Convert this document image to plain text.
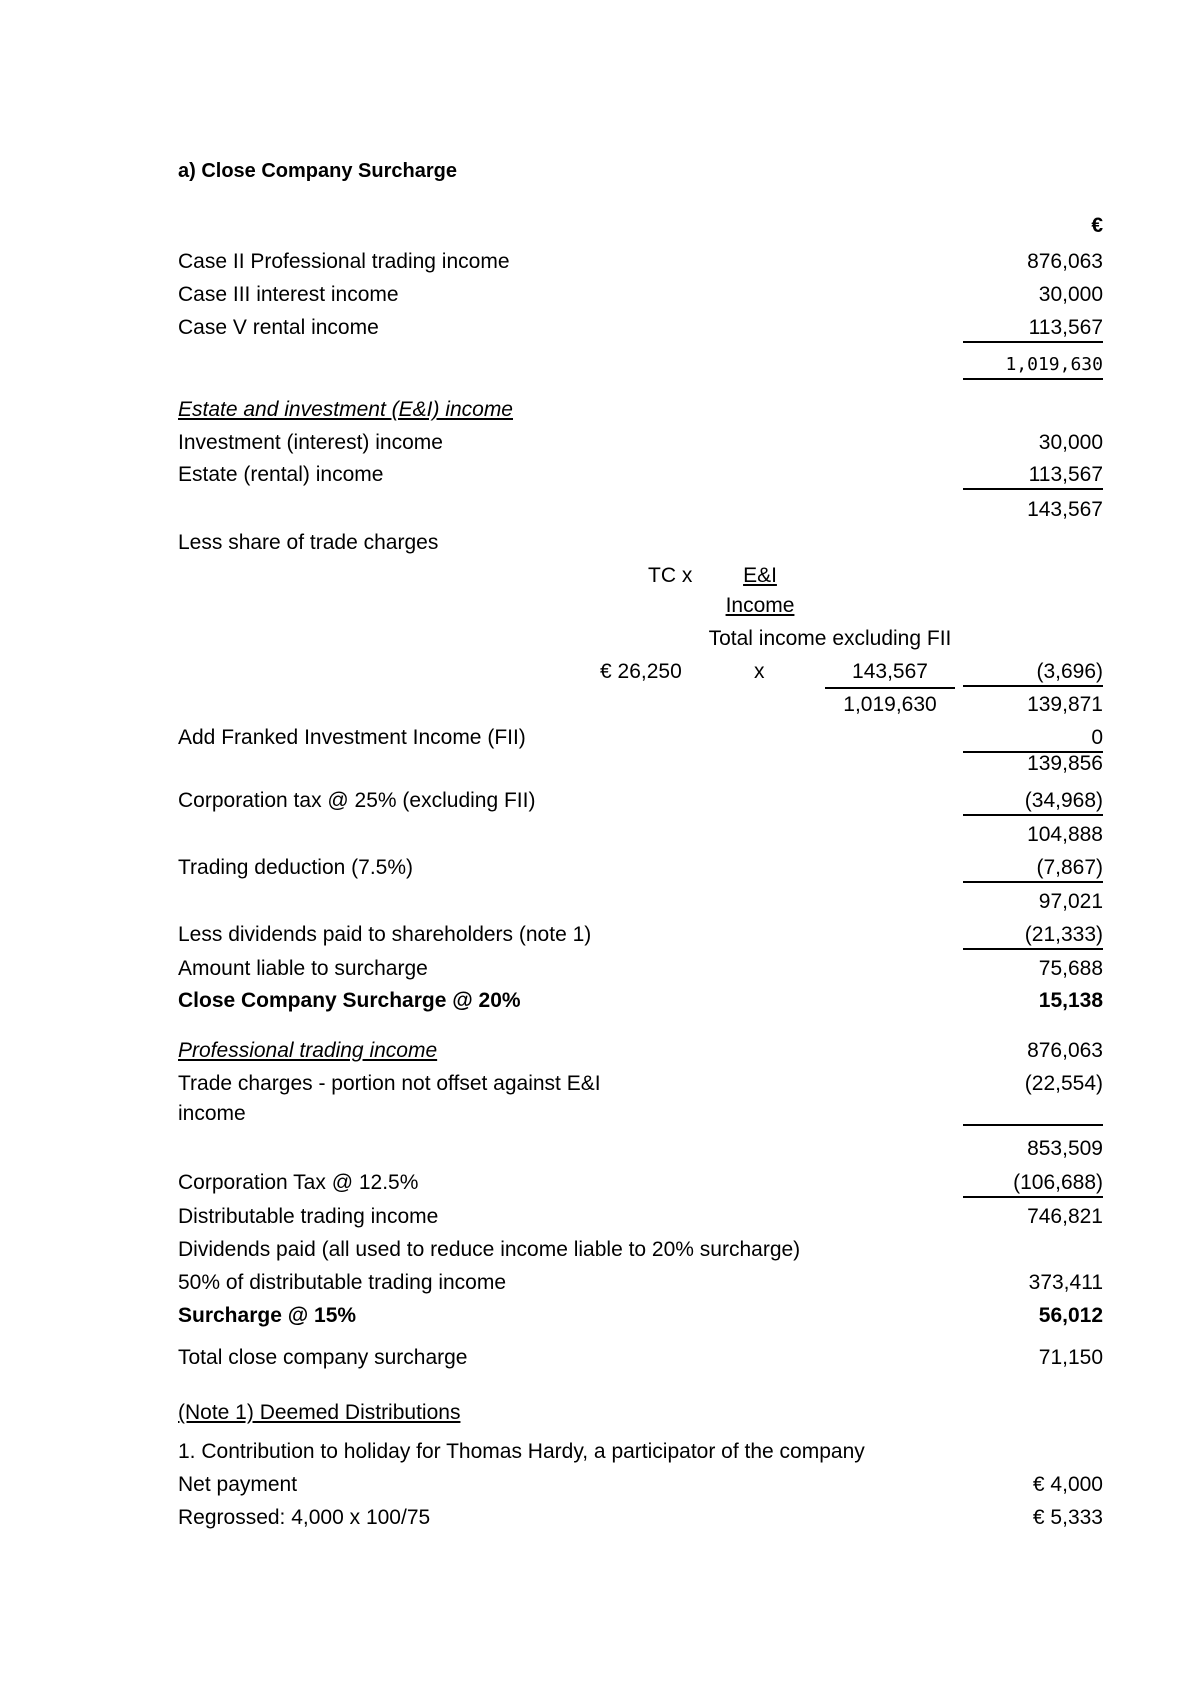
a) Close Company Surcharge
€
Case II Professional trading income	876,063
Case III interest income	30,000
Case V rental income	113,567
1,019,630
Estate and investment (E&I) income
Investment (interest) income	30,000
Estate (rental) income	113,567
143,567
Less share of trade charges
TC x	E&I
Income
Total income excluding FII
€ 26,250	x	143,567	(3,696)
1,019,630	139,871
Add Franked Investment Income (FII)	0
139,856
Corporation tax @ 25% (excluding FII)	(34,968)
104,888
Trading deduction (7.5%)	(7,867)
97,021
Less dividends paid to shareholders (note 1)	(21,333)
Amount liable to surcharge	75,688
Close Company Surcharge @ 20%	15,138
Professional trading income	876,063
Trade charges - portion not offset against E&I
income
(22,554)
853,509
Corporation Tax @ 12.5%	(106,688)
Distributable trading income	746,821
Dividends paid (all used to reduce income liable to 20% surcharge)
50% of distributable trading income	373,411
Surcharge @ 15%	56,012
Total close company surcharge	71,150
(Note 1) Deemed Distributions
1. Contribution to holiday for Thomas Hardy, a participator of the company
Net payment	€ 4,000
Regrossed: 4,000 x 100/75	€ 5,333
